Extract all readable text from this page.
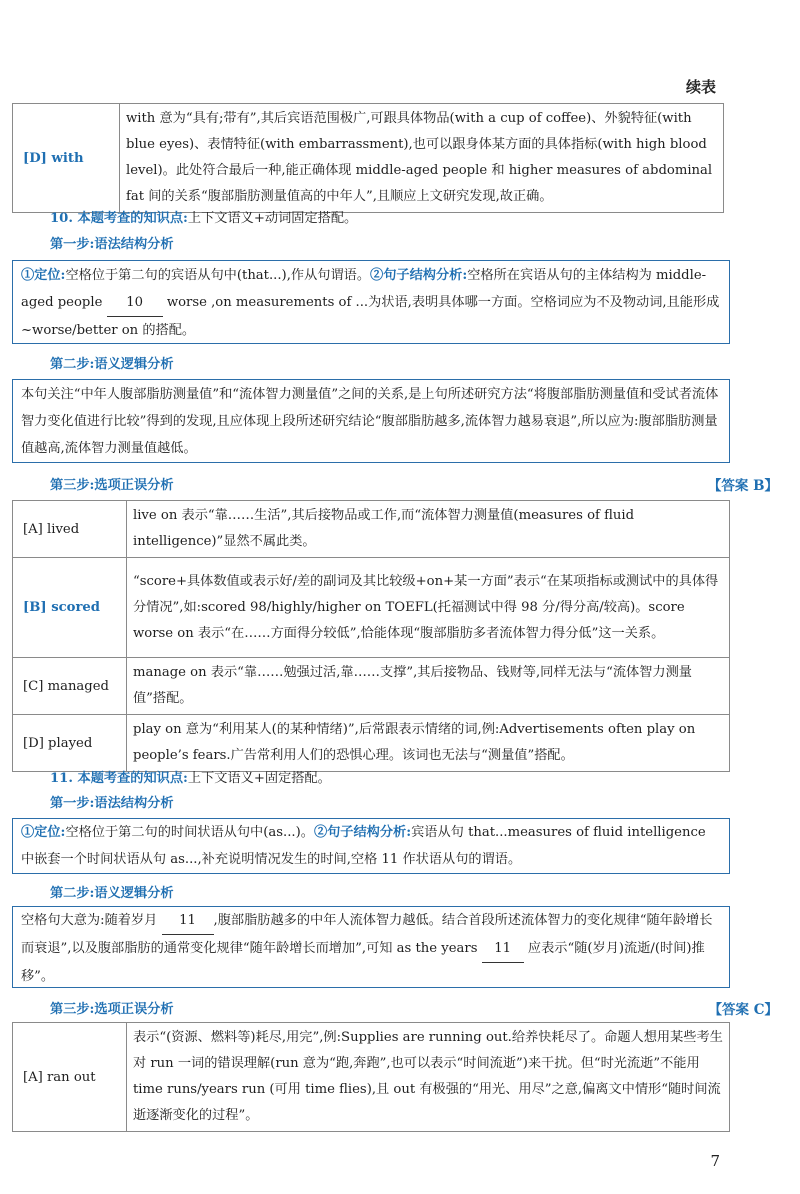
续表
[D] with	with 意为“具有;带有”,其后宾语范围极广,可跟具体物品(with a cup of coffee)、外貌特征(with blue eyes)、表情特征(with embarrassment),也可以跟身体某方面的具体指标(with high blood level)。此处符合最后一种,能正确体现 middle-aged people 和 higher measures of abdominal fat 间的关系“腹部脂肪测量值高的中年人”,且顺应上文研究发现,故正确。
10. 本题考查的知识点:上下文语义+动词固定搭配。
第一步:语法结构分析
①定位:空格位于第二句的宾语从句中(that...),作从句谓语。②句子结构分析:空格所在宾语从句的主体结构为 middle-aged people 10 worse ,on measurements of ...为状语,表明具体哪一方面。空格词应为不及物动词,且能形成~worse/better on 的搭配。
第二步:语义逻辑分析
本句关注“中年人腹部脂肪测量值”和“流体智力测量值”之间的关系,是上句所述研究方法“将腹部脂肪测量值和受试者流体智力变化值进行比较”得到的发现,且应体现上段所述研究结论“腹部脂肪越多,流体智力越易衰退”,所以应为:腹部脂肪测量值越高,流体智力测量值越低。
第三步:选项正误分析	【答案 B】
[A] lived	live on 表示“靠……生活”,其后接物品或工作,而“流体智力测量值(measures of fluid intelligence)”显然不属此类。
[B] scored	“score+具体数值或表示好/差的副词及其比较级+on+某一方面”表示“在某项指标或测试中的具体得分情况”,如:scored 98/highly/higher on TOEFL(托福测试中得 98 分/得分高/较高)。score worse on 表示“在……方面得分较低”,恰能体现“腹部脂肪多者流体智力得分低”这一关系。
[C] managed	manage on 表示“靠……勉强过活,靠……支撑”,其后接物品、钱财等,同样无法与“流体智力测量值”搭配。
[D] played	play on 意为“利用某人(的某种情绪)”,后常跟表示情绪的词,例:Advertisements often play on people’s fears.广告常利用人们的恐惧心理。该词也无法与“测量值”搭配。
11. 本题考查的知识点:上下文语义+固定搭配。
第一步:语法结构分析
①定位:空格位于第二句的时间状语从句中(as...)。②句子结构分析:宾语从句 that...measures of fluid intelligence 中嵌套一个时间状语从句 as...,补充说明情况发生的时间,空格 11 作状语从句的谓语。
第二步:语义逻辑分析
空格句大意为:随着岁月 11 ,腹部脂肪越多的中年人流体智力越低。结合首段所述流体智力的变化规律“随年龄增长而衰退”,以及腹部脂肪的通常变化规律“随年龄增长而增加”,可知 as the years 11 应表示“随(岁月)流逝/(时间)推移”。
第三步:选项正误分析	【答案 C】
[A] ran out	表示“(资源、燃料等)耗尽,用完”,例:Supplies are running out.给养快耗尽了。命题人想用某些考生对 run 一词的错误理解(run 意为“跑,奔跑”,也可以表示“时间流逝”)来干扰。但“时光流逝”不能用 time runs/years run (可用 time flies),且 out 有极强的“用光、用尽”之意,偏离文中情形“随时间流逝逐渐变化的过程”。
7
